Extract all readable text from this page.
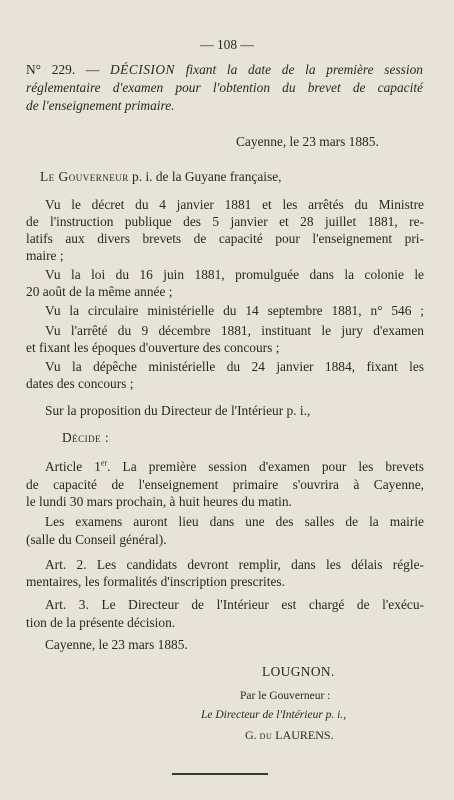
— 108 —

N° 229. — DÉCISION fixant la date de la première session

réglementaire d'examen pour l'obtention du brevet de capacité

de l'enseignement primaire.

Cayenne, le 23 mars 1885.

Le Gouverneur p. i. de la Guyane française,

Vu le décret du 4 janvier 1881 et les arrêtés du Ministre

de l'instruction publique des 5 janvier et 28 juillet 1881, re-

latifs aux divers brevets de capacité pour l'enseignement pri-

maire ;

Vu la loi du 16 juin 1881, promulguée dans la colonie le

20 août de la même année ;

Vu la circulaire ministérielle du 14 septembre 1881, n° 546 ;

Vu l'arrêté du 9 décembre 1881, instituant le jury d'examen

et fixant les époques d'ouverture des concours ;

Vu la dépêche ministérielle du 24 janvier 1884, fixant les

dates des concours ;

Sur la proposition du Directeur de l'Intérieur p. i.,

Décide :

Article 1er. La première session d'examen pour les brevets

de capacité de l'enseignement primaire s'ouvrira à Cayenne,

le lundi 30 mars prochain, à huit heures du matin.

Les examens auront lieu dans une des salles de la mairie

(salle du Conseil général).

Art. 2. Les candidats devront remplir, dans les délais régle-

mentaires, les formalités d'inscription prescrites.

Art. 3. Le Directeur de l'Intérieur est chargé de l'exécu-

tion de la présente décision.

Cayenne, le 23 mars 1885.

LOUGNON.

Par le Gouverneur :

Le Directeur de l'Intérieur p. i.,

G. du LAURENS.
